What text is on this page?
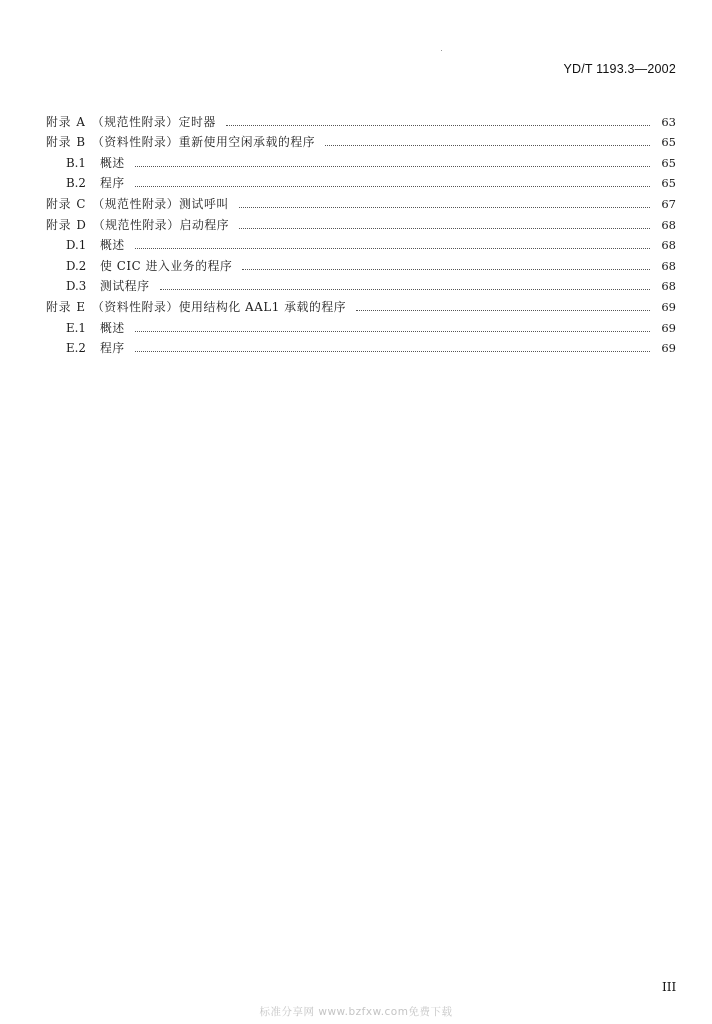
YD/T 1193.3—2002
附录 A （规范性附录）定时器	63
附录 B （资料性附录）重新使用空闲承载的程序	65
B.1	概述	65
B.2	程序	65
附录 C （规范性附录）测试呼叫	67
附录 D （规范性附录）启动程序	68
D.1	概述	68
D.2	使 CIC 进入业务的程序	68
D.3	测试程序	68
附录 E （资料性附录）使用结构化 AAL1 承载的程序	69
E.1	概述	69
E.2	程序	69
III
标准分享网 www.bzfxw.com免费下载
